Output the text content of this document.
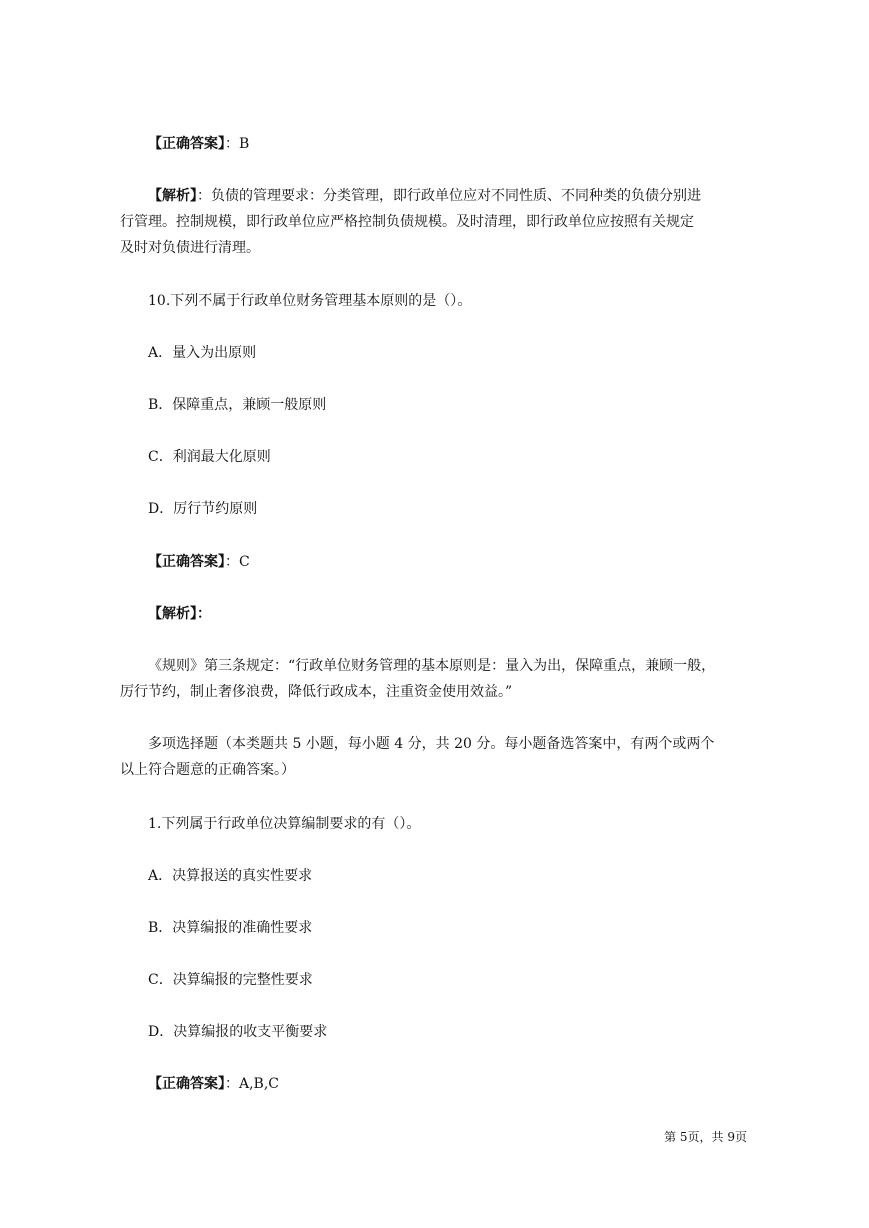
【正确答案】：B
【解析】：负债的管理要求：分类管理，即行政单位应对不同性质、不同种类的负债分别进
行管理。控制规模，即行政单位应严格控制负债规模。及时清理，即行政单位应按照有关规定
及时对负债进行清理。
10.下列不属于行政单位财务管理基本原则的是（）。
A．量入为出原则
B．保障重点，兼顾一般原则
C．利润最大化原则
D．厉行节约原则
【正确答案】：C
【解析】：
《规则》第三条规定：“行政单位财务管理的基本原则是：量入为出，保障重点，兼顾一般，
厉行节约，制止奢侈浪费，降低行政成本，注重资金使用效益。”
多项选择题（本类题共 5 小题，每小题 4 分，共 20 分。每小题备选答案中，有两个或两个
以上符合题意的正确答案。）
1.下列属于行政单位决算编制要求的有（）。
A．决算报送的真实性要求
B．决算编报的准确性要求
C．决算编报的完整性要求
D．决算编报的收支平衡要求
【正确答案】：A,B,C
第 5页，共 9页
